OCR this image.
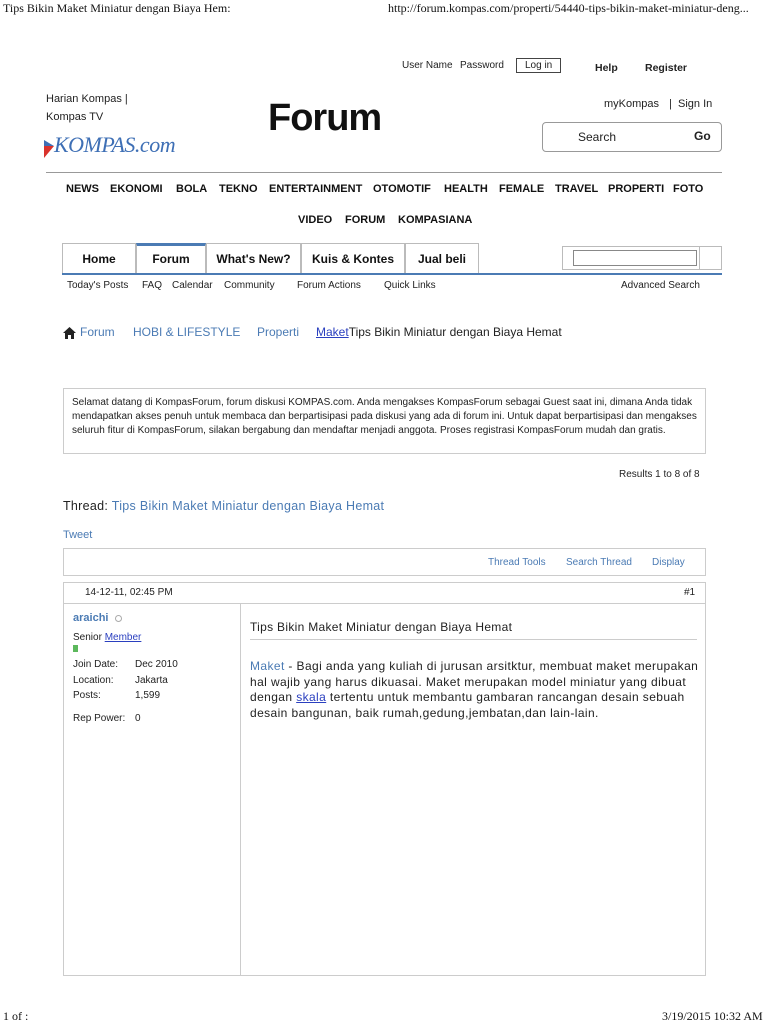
Tips Bikin Maket Miniatur dengan Biaya Hem:	http://forum.kompas.com/properti/54440-tips-bikin-maket-miniatur-deng...
User Name Password	Log in	Help	Register
Harian Kompas |
Kompas TV
KOMPAS.com
Forum	myKompas | Sign In
Search	Go
NEWS EKONOMI BOLA TEKNO ENTERTAINMENT OTOMOTIF HEALTH FEMALE TRAVEL PROPERTI FOTO
VIDEO FORUM KOMPASIANA
Home	Forum	What's New?	Kuis & Kontes	Jual beli
Today's Posts FAQ Calendar Community Forum Actions Quick Links	Advanced Search
Forum HOBI & LIFESTYLE Properti MaketTips Bikin Miniatur dengan Biaya Hemat
Selamat datang di KompasForum, forum diskusi KOMPAS.com. Anda mengakses KompasForum sebagai Guest saat ini, dimana Anda tidak mendapatkan akses penuh untuk membaca dan berpartisipasi pada diskusi yang ada di forum ini. Untuk dapat berpartisipasi dan mengakses seluruh fitur di KompasForum, silakan bergabung dan mendaftar menjadi anggota. Proses registrasi KompasForum mudah dan gratis.
Results 1 to 8 of 8
Thread: Tips Bikin Maket Miniatur dengan Biaya Hemat
Tweet
Thread Tools Search Thread Display
14-12-11, 02:45 PM	#1
araichi
Senior Member
Join Date: Dec 2010
Location: Jakarta
Posts:	1,599
Rep Power: 0
Tips Bikin Maket Miniatur dengan Biaya Hemat
Maket - Bagi anda yang kuliah di jurusan arsitktur, membuat maket merupakan hal wajib yang harus dikuasai. Maket merupakan model miniatur yang dibuat dengan skala tertentu untuk membantu gambaran rancangan desain sebuah desain bangunan, baik rumah,gedung,jembatan,dan lain-lain.
1 of :	3/19/2015 10:32 AM
